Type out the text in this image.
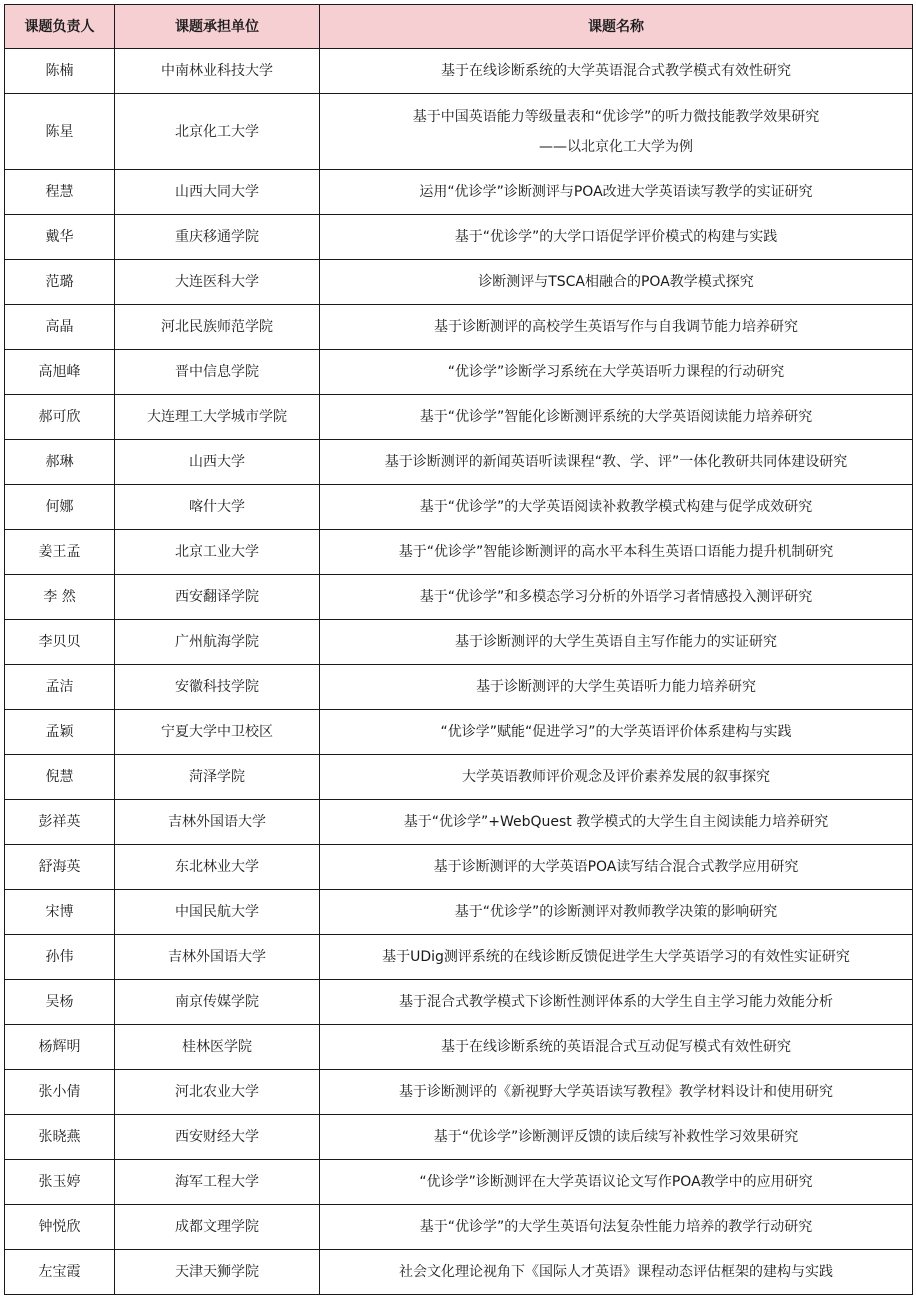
课题负责人	课题承担单位	课题名称
陈楠	中南林业科技大学	基于在线诊断系统的大学英语混合式教学模式有效性研究
陈星	北京化工大学	基于中国英语能力等级量表和“优诊学”的听力微技能教学效果研究
——以北京化工大学为例

程慧	山西大同大学	运用“优诊学”诊断测评与POA改进大学英语读写教学的实证研究
戴华	重庆移通学院	基于“优诊学”的大学口语促学评价模式的构建与实践
范璐	大连医科大学	诊断测评与TSCA相融合的POA教学模式探究
高晶	河北民族师范学院	基于诊断测评的高校学生英语写作与自我调节能力培养研究
高旭峰	晋中信息学院	“优诊学”诊断学习系统在大学英语听力课程的行动研究
郝可欣	大连理工大学城市学院	基于“优诊学”智能化诊断测评系统的大学英语阅读能力培养研究
郝琳	山西大学	基于诊断测评的新闻英语听读课程“教、学、评”一体化教研共同体建设研究
何娜	喀什大学	基于“优诊学”的大学英语阅读补救教学模式构建与促学成效研究
姜王孟	北京工业大学	基于“优诊学”智能诊断测评的高水平本科生英语口语能力提升机制研究
李 然	西安翻译学院	基于“优诊学”和多模态学习分析的外语学习者情感投入测评研究
李贝贝	广州航海学院	基于诊断测评的大学生英语自主写作能力的实证研究
孟洁	安徽科技学院	基于诊断测评的大学生英语听力能力培养研究
孟颖	宁夏大学中卫校区	“优诊学”赋能“促进学习”的大学英语评价体系建构与实践
倪慧	菏泽学院	大学英语教师评价观念及评价素养发展的叙事探究
彭祥英	吉林外国语大学	基于“优诊学”+WebQuest 教学模式的大学生自主阅读能力培养研究
舒海英	东北林业大学	基于诊断测评的大学英语POA读写结合混合式教学应用研究
宋博	中国民航大学	基于“优诊学”的诊断测评对教师教学决策的影响研究
孙伟	吉林外国语大学	基于UDig测评系统的在线诊断反馈促进学生大学英语学习的有效性实证研究
吴杨	南京传媒学院	基于混合式教学模式下诊断性测评体系的大学生自主学习能力效能分析
杨辉明	桂林医学院	基于在线诊断系统的英语混合式互动促写模式有效性研究
张小倩	河北农业大学	基于诊断测评的《新视野大学英语读写教程》教学材料设计和使用研究
张晓燕	西安财经大学	基于“优诊学”诊断测评反馈的读后续写补救性学习效果研究
张玉婷	海军工程大学	“优诊学”诊断测评在大学英语议论文写作POA教学中的应用研究
钟悦欣	成都文理学院	基于“优诊学”的大学生英语句法复杂性能力培养的教学行动研究
左宝霞	天津天狮学院	社会文化理论视角下《国际人才英语》课程动态评估框架的建构与实践
